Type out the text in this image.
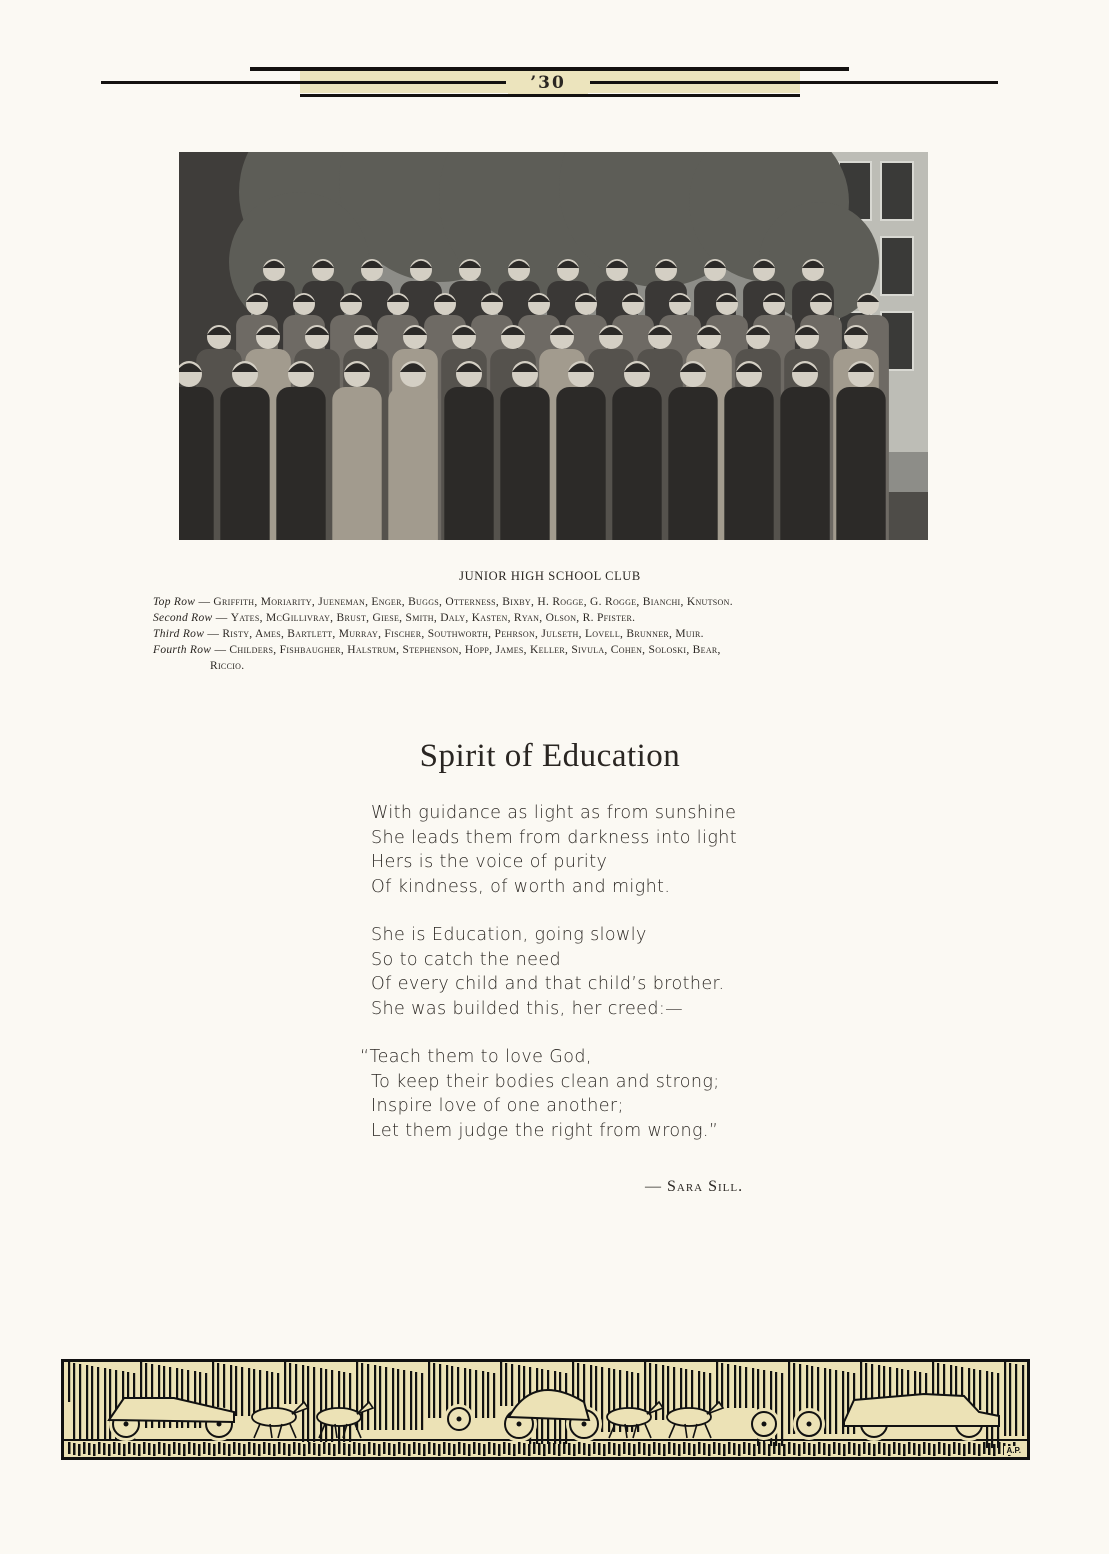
’30
JUNIOR HIGH SCHOOL CLUB
Top Row — Griffith, Moriarity, Jueneman, Enger, Buggs, Otterness, Bixby, H. Rogge, G. Rogge, Bianchi, Knutson.
Second Row — Yates, McGillivray, Brust, Giese, Smith, Daly, Kasten, Ryan, Olson, R. Pfister.
Third Row — Risty, Ames, Bartlett, Murray, Fischer, Southworth, Pehrson, Julseth, Lovell, Brunner, Muir.
Fourth Row — Childers, Fishbaugher, Halstrum, Stephenson, Hopp, James, Keller, Sivula, Cohen, Soloski, Bear,
Riccio.
Spirit of Education
With guidance as light as from sunshine
She leads them from darkness into light
Hers is the voice of purity
Of kindness, of worth and might.
She is Education, going slowly
So to catch the need
Of every child and that child’s brother.
She was builded this, her creed:—
“Teach them to love God,
To keep their bodies clean and strong;
Inspire love of one another;
Let them judge the right from wrong.”
— Sara Sill.
A.P.
